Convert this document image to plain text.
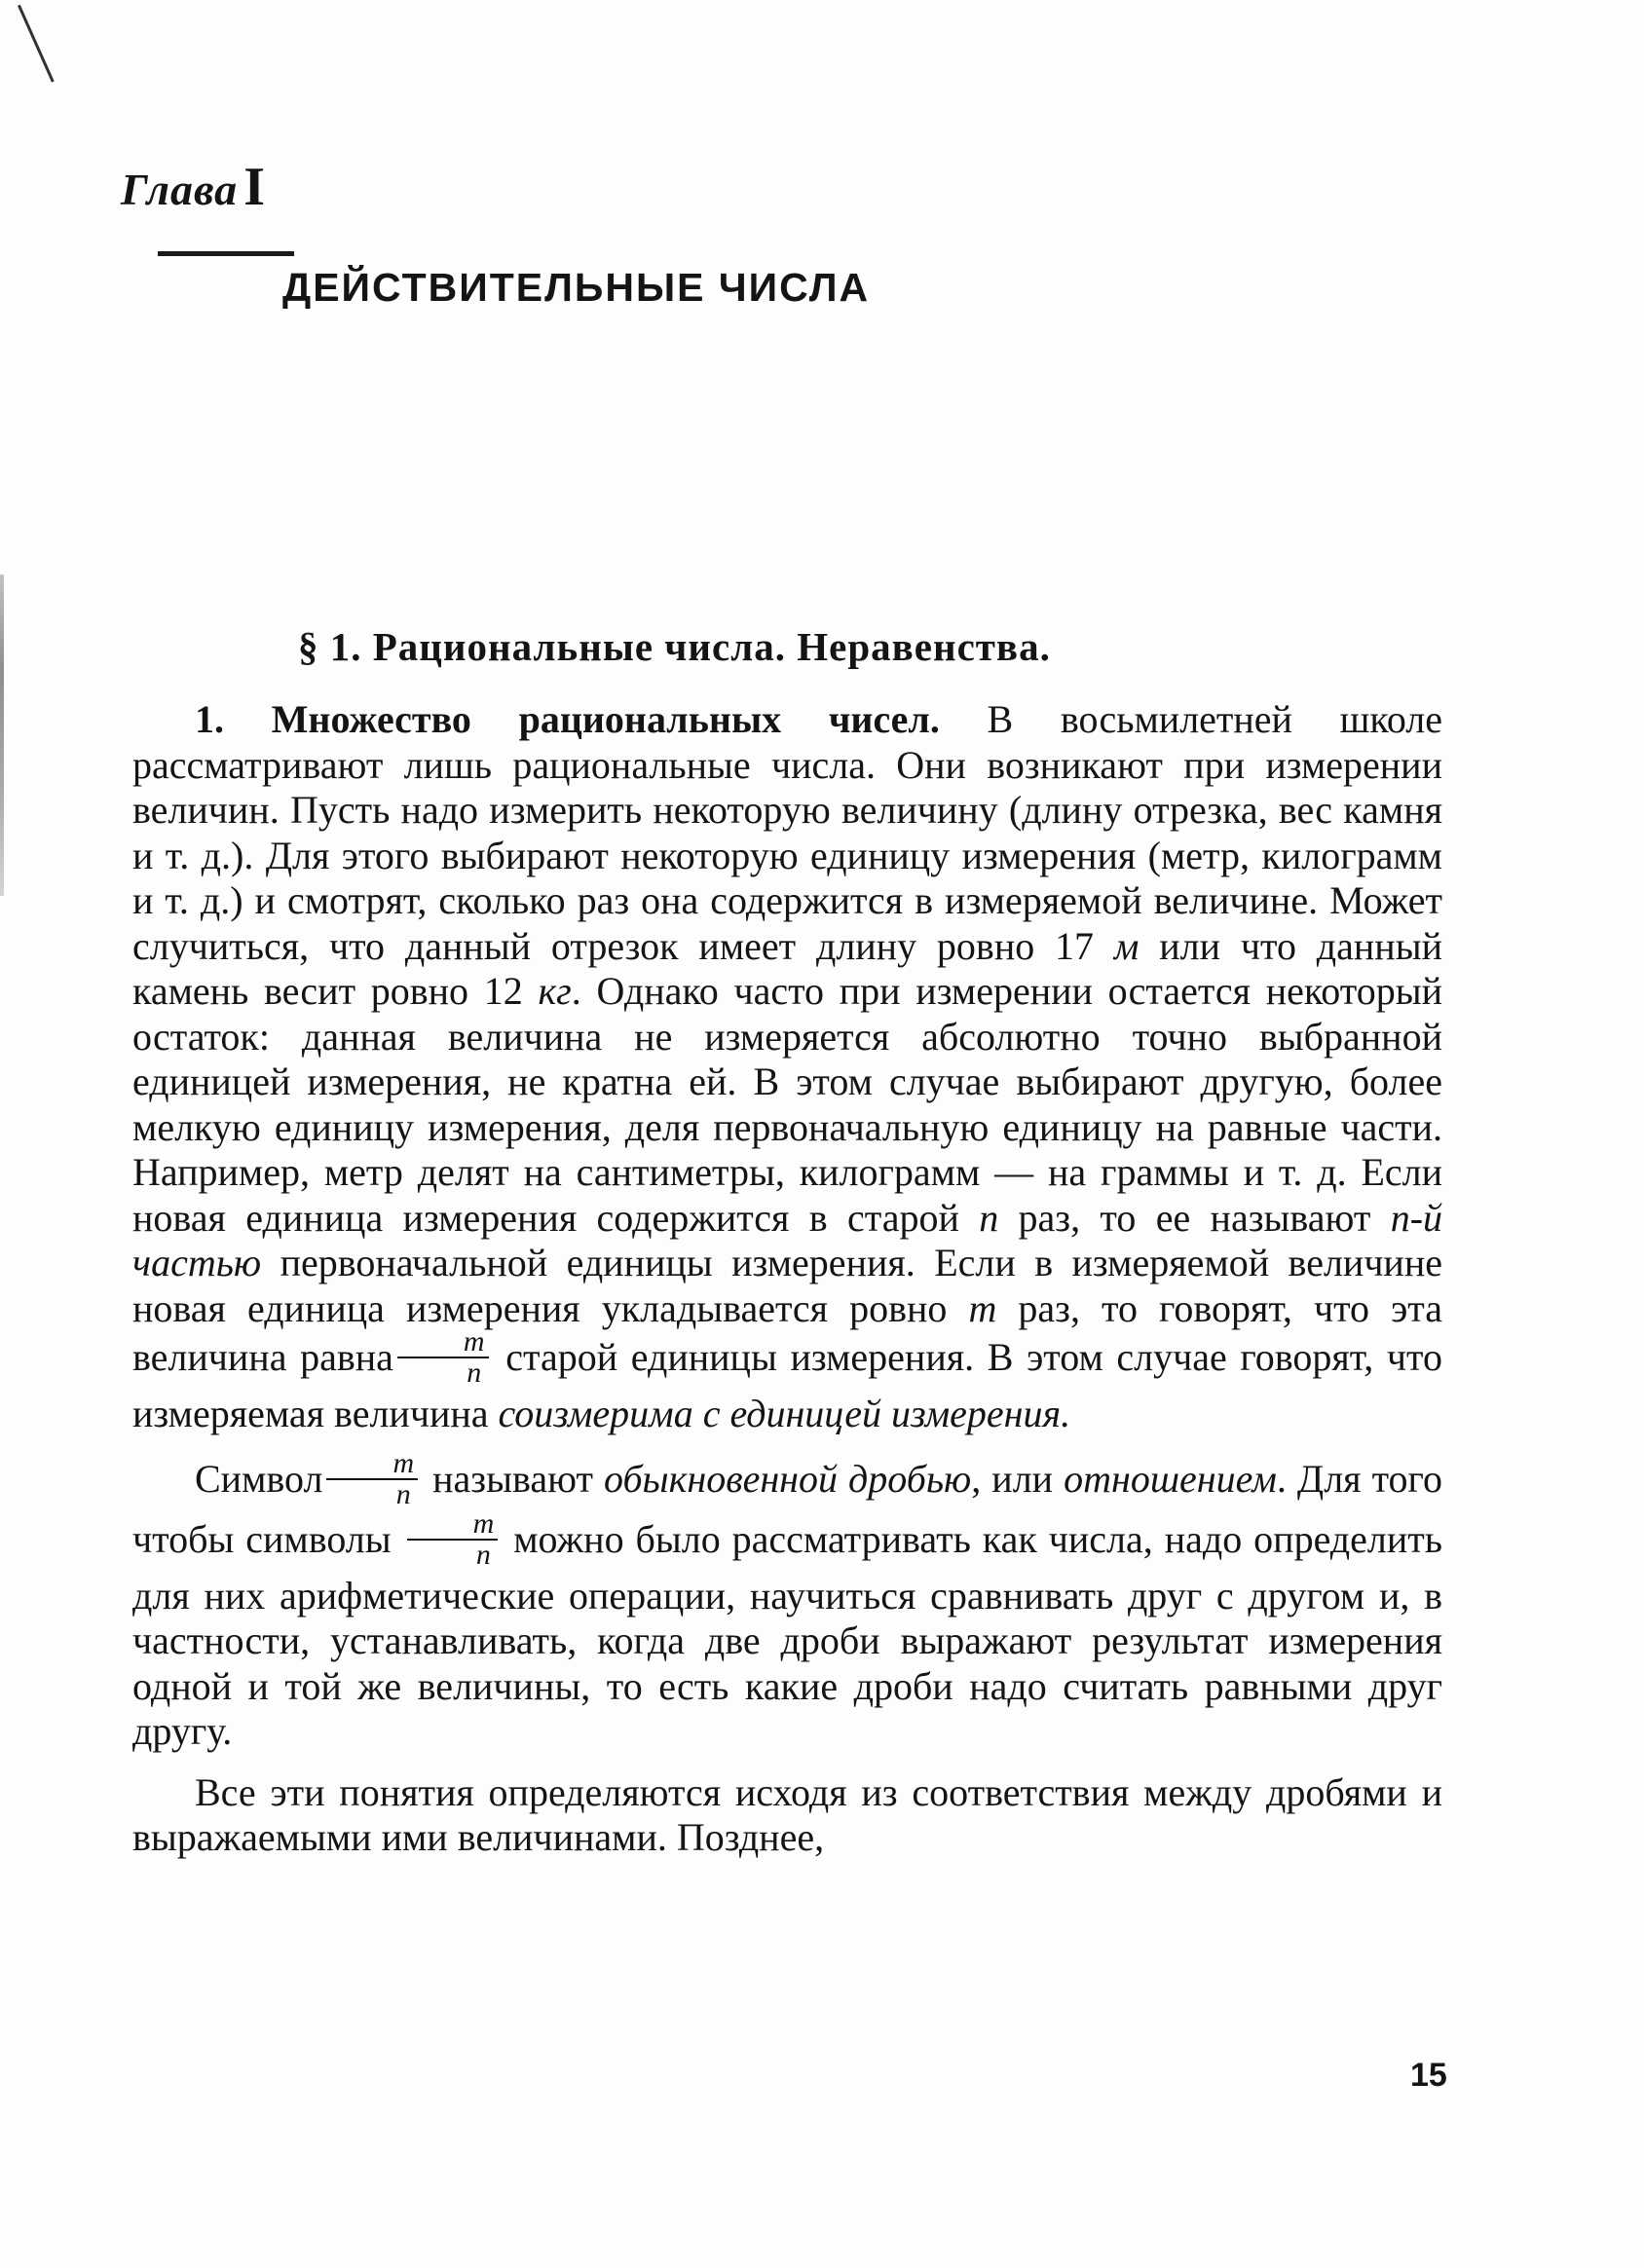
Глава I
ДЕЙСТВИТЕЛЬНЫЕ ЧИСЛА
§ 1. Рациональные числа. Неравенства.

1. Множество рациональных чисел. В восьмилетней школе рассматривают лишь рациональные числа. Они возникают при измерении величин. Пусть надо измерить некоторую величину (длину отрезка, вес камня и т. д.). Для этого выбирают некоторую единицу измерения (метр, килограмм и т. д.) и смотрят, сколько раз она содержится в измеряемой величине. Может случиться, что данный отрезок имеет длину ровно 17 м или что данный камень весит ровно 12 кг. Однако часто при измерении остается некоторый остаток: данная величина не измеряется абсолютно точно выбранной единицей измерения, не кратна ей. В этом случае выбирают другую, более мелкую единицу измерения, деля первоначальную единицу на равные части. Например, метр делят на сантиметры, килограмм — на граммы и т. д. Если новая единица измерения содержится в старой n раз, то ее называют n-й частью первоначальной единицы измерения. Если в измеряемой величине новая единица измерения укладывается ровно m раз, то говорят, что эта величина равна $\frac{m}{n}$ старой единицы измерения. В этом случае говорят, что измеряемая величина соизмерима с единицей измерения.

Символ $\frac{m}{n}$ называют обыкновенной дробью, или отношением. Для того чтобы символы $\frac{m}{n}$ можно было рассматривать как числа, надо определить для них арифметические операции, научиться сравнивать друг с другом и, в частности, устанавливать, когда две дроби выражают результат измерения одной и той же величины, то есть какие дроби надо считать равными друг другу.

Все эти понятия определяются исходя из соответствия между дробями и выражаемыми ими величинами. Позднее,

15
